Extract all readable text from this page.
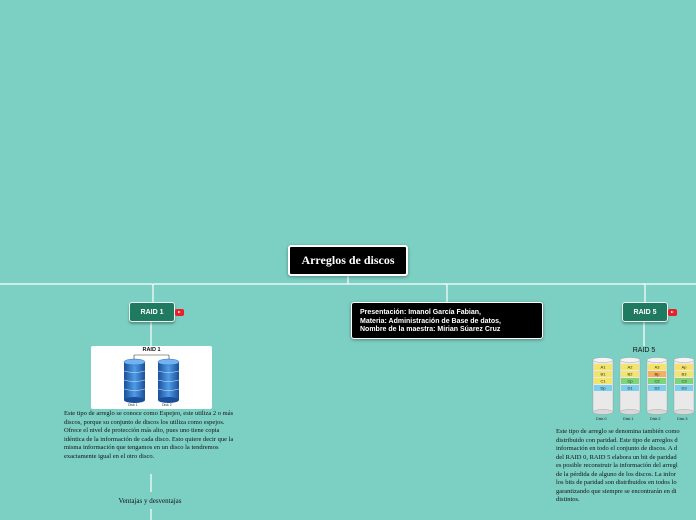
Arreglos de discos
RAID 1
RAID 1
Disk 1	Disk 2
Este tipo de arreglo se conoce como Espejeo, este utiliza 2 o más discos, porque su conjunto de discos los utiliza como espejos. Ofrece el nivel de protección más alto, pues uno tiene copia idéntica de la información de cada disco. Esto quiere decir que la misma información que tengamos en un disco la tendremos exactamente igual en el otro disco.
Ventajas y desventajas
Presentación: Imanol García Fabian,
Materia: Administración de Base de datos,
Nombre de la maestra: Mirian Súarez Cruz
RAID 5
RAID 5
A1
B1
C1
Dp
A2
B2
Cp
D1
A3
Bp
C2
D2
Ap
B3
C3
D3
Disk 0	Disk 1	Disk 2	Disk 3
Este tipo de arreglo se denomina también como
distribuido con paridad. Este tipo de arreglos d
información en todo el conjunto de discos. A d
del RAID 0, RAID 5 elabora un bit de paridad
es posible reconstruir la información del arregl
de la pérdida de alguno de los discos. La infor
los bits de paridad son distribuidos en todos lo
garantizando que siempre se encontrarán en di
distintos.
